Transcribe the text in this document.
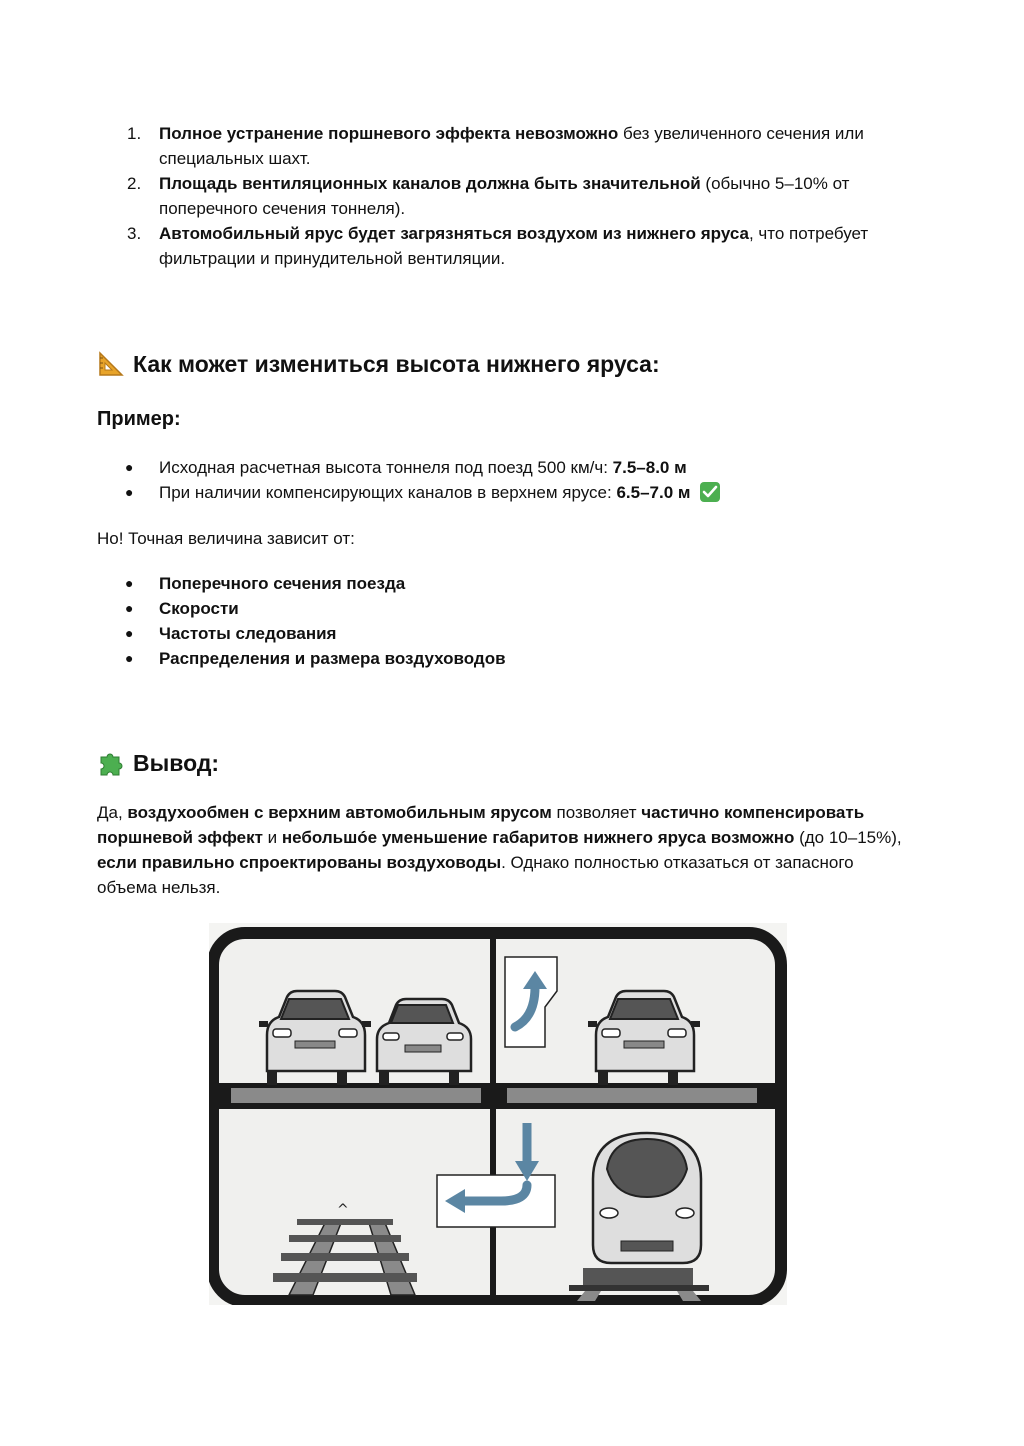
1. Полное устранение поршневого эффекта невозможно без увеличенного сечения или специальных шахт.
2. Площадь вентиляционных каналов должна быть значительной (обычно 5–10% от поперечного сечения тоннеля).
3. Автомобильный ярус будет загрязняться воздухом из нижнего яруса, что потребует фильтрации и принудительной вентиляции.
Как может измениться высота нижнего яруса:
Пример:
● Исходная расчетная высота тоннеля под поезд 500 км/ч: 7.5–8.0 м
● При наличии компенсирующих каналов в верхнем ярусе: 6.5–7.0 м

Но! Точная величина зависит от:

● Поперечного сечения поезда
● Скорости
● Частоты следования
● Распределения и размера воздуховодов
Вывод:

Да, воздухообмен с верхним автомобильным ярусом позволяет частично компенсировать поршневой эффект и небольшóе уменьшение габаритов нижнего яруса возможно (до 10–15%), если правильно спроектированы воздуховоды. Однако полностью отказаться от запасного объема нельзя.

^
